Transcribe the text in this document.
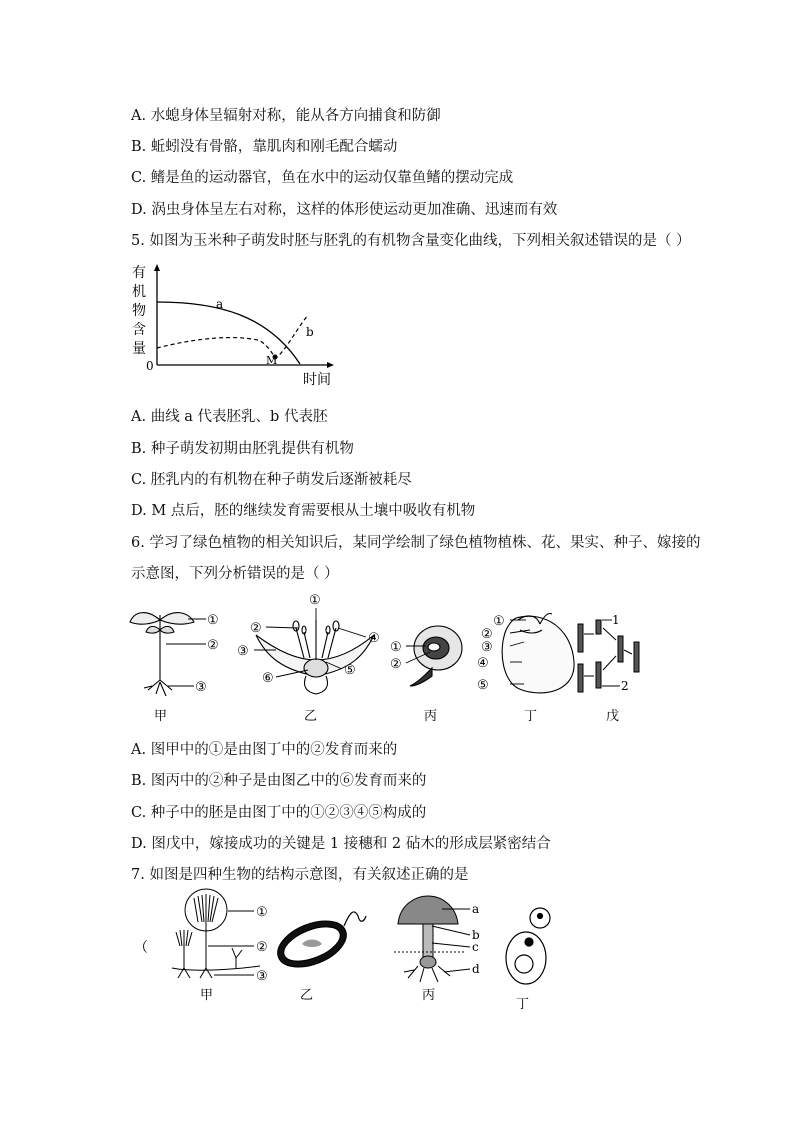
A. 水螅身体呈辐射对称，能从各方向捕食和防御
B. 蚯蚓没有骨骼，靠肌肉和刚毛配合蠕动
C. 鳍是鱼的运动器官，鱼在水中的运动仅靠鱼鳍的摆动完成
D. 涡虫身体呈左右对称，这样的体形使运动更加准确、迅速而有效
5. 如图为玉米种子萌发时胚与胚乳的有机物含量变化曲线，下列相关叙述错误的是（ ）
有
机
物
含
量
0
a
b
M
时间
A. 曲线 a 代表胚乳、b 代表胚
B. 种子萌发初期由胚乳提供有机物
C. 胚乳内的有机物在种子萌发后逐渐被耗尽
D. M 点后，胚的继续发育需要根从土壤中吸收有机物
6. 学习了绿色植物的相关知识后，某同学绘制了绿色植物植株、花、果实、种子、嫁接的
示意图，下列分析错误的是（ ）
①
②
③
甲
①
②
③
④
⑤
⑥
乙
①
②
丙
①
②
③
④
⑤
丁
1
2
戊
A. 图甲中的①是由图丁中的②发育而来的
B. 图丙中的②种子是由图乙中的⑥发育而来的
C. 种子中的胚是由图丁中的①②③④⑤构成的
D. 图戊中，嫁接成功的关键是 1 接穗和 2 砧木的形成层紧密结合
7. 如图是四种生物的结构示意图，有关叙述正确的是
（
①
②
③
甲	乙
a
b
c
d
丙
丁
